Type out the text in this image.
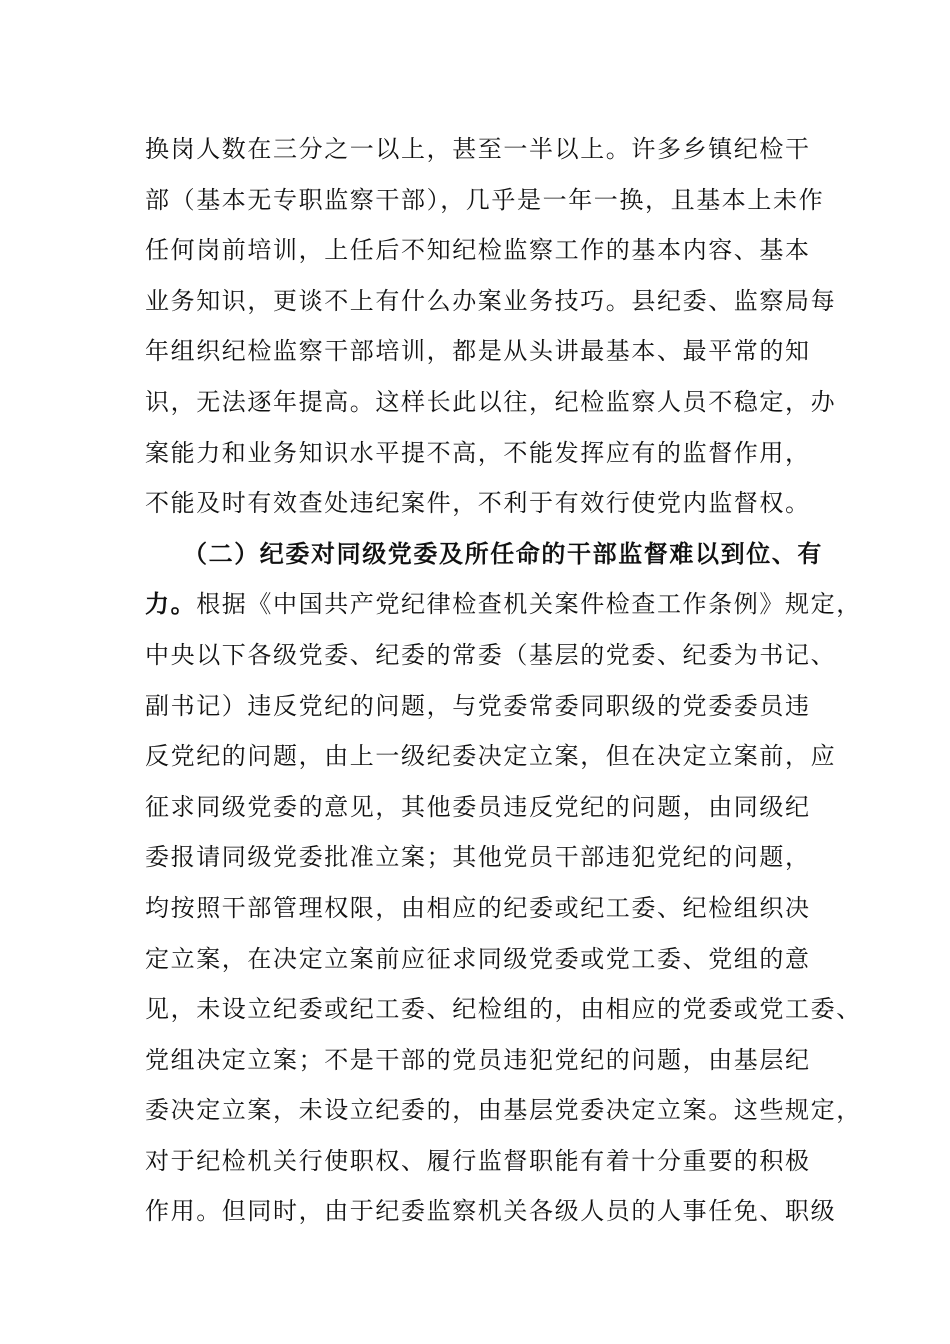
换岗人数在三分之一以上，甚至一半以上。许多乡镇纪检干
部（基本无专职监察干部），几乎是一年一换，且基本上未作
任何岗前培训，上任后不知纪检监察工作的基本内容、基本
业务知识，更谈不上有什么办案业务技巧。县纪委、监察局每
年组织纪检监察干部培训，都是从头讲最基本、最平常的知
识，无法逐年提高。这样长此以往，纪检监察人员不稳定，办
案能力和业务知识水平提不高，不能发挥应有的监督作用，
不能及时有效查处违纪案件，不利于有效行使党内监督权。
（二）纪委对同级党委及所任命的干部监督难以到位、有
力。根据《中国共产党纪律检查机关案件检查工作条例》规定，
中央以下各级党委、纪委的常委（基层的党委、纪委为书记、
副书记）违反党纪的问题，与党委常委同职级的党委委员违
反党纪的问题，由上一级纪委决定立案，但在决定立案前，应
征求同级党委的意见，其他委员违反党纪的问题，由同级纪
委报请同级党委批准立案；其他党员干部违犯党纪的问题，
均按照干部管理权限，由相应的纪委或纪工委、纪检组织决
定立案，在决定立案前应征求同级党委或党工委、党组的意
见，未设立纪委或纪工委、纪检组的，由相应的党委或党工委、
党组决定立案；不是干部的党员违犯党纪的问题，由基层纪
委决定立案，未设立纪委的，由基层党委决定立案。这些规定，
对于纪检机关行使职权、履行监督职能有着十分重要的积极
作用。但同时，由于纪委监察机关各级人员的人事任免、职级
